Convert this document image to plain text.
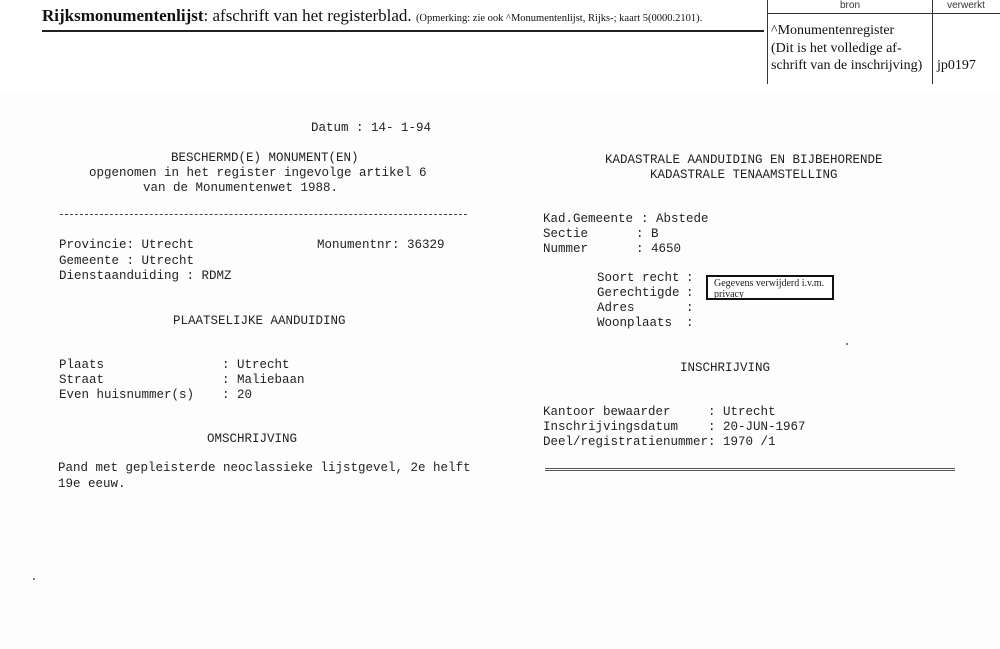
Rijksmonumentenlijst: afschrift van het registerblad. (Opmerking: zie ook ^Monumentenlijst, Rijks-; kaart 5(0000.2101).
bron	verwerkt
^Monumentenregister
(Dit is het volledige af-
schrift van de inschrijving) jp0197
Datum : 14- 1-94
BESCHERMD(E) MONUMENT(EN)
opgenomen in het register ingevolge artikel 6
van de Monumentenwet 1988.
Provincie: Utrecht	Monumentnr: 36329
Gemeente : Utrecht
Dienstaanduiding : RDMZ
PLAATSELIJKE AANDUIDING
Plaats	: Utrecht
Straat	: Maliebaan
Even huisnummer(s) : 20
OMSCHRIJVING
Pand met gepleisterde neoclassieke lijstgevel, 2e helft
19e eeuw.
KADASTRALE AANDUIDING EN BIJBEHORENDE
KADASTRALE TENAAMSTELLING
Kad.Gemeente : Abstede
Sectie	: B
Nummer	: 4650
Soort recht :
Gerechtigde :
Adres	:
Woonplaats :
Gegevens verwijderd i.v.m. privacy
INSCHRIJVING
Kantoor bewaarder	: Utrecht
Inschrijvingsdatum : 20-JUN-1967
Deel/registratienummer : 1970 /1
